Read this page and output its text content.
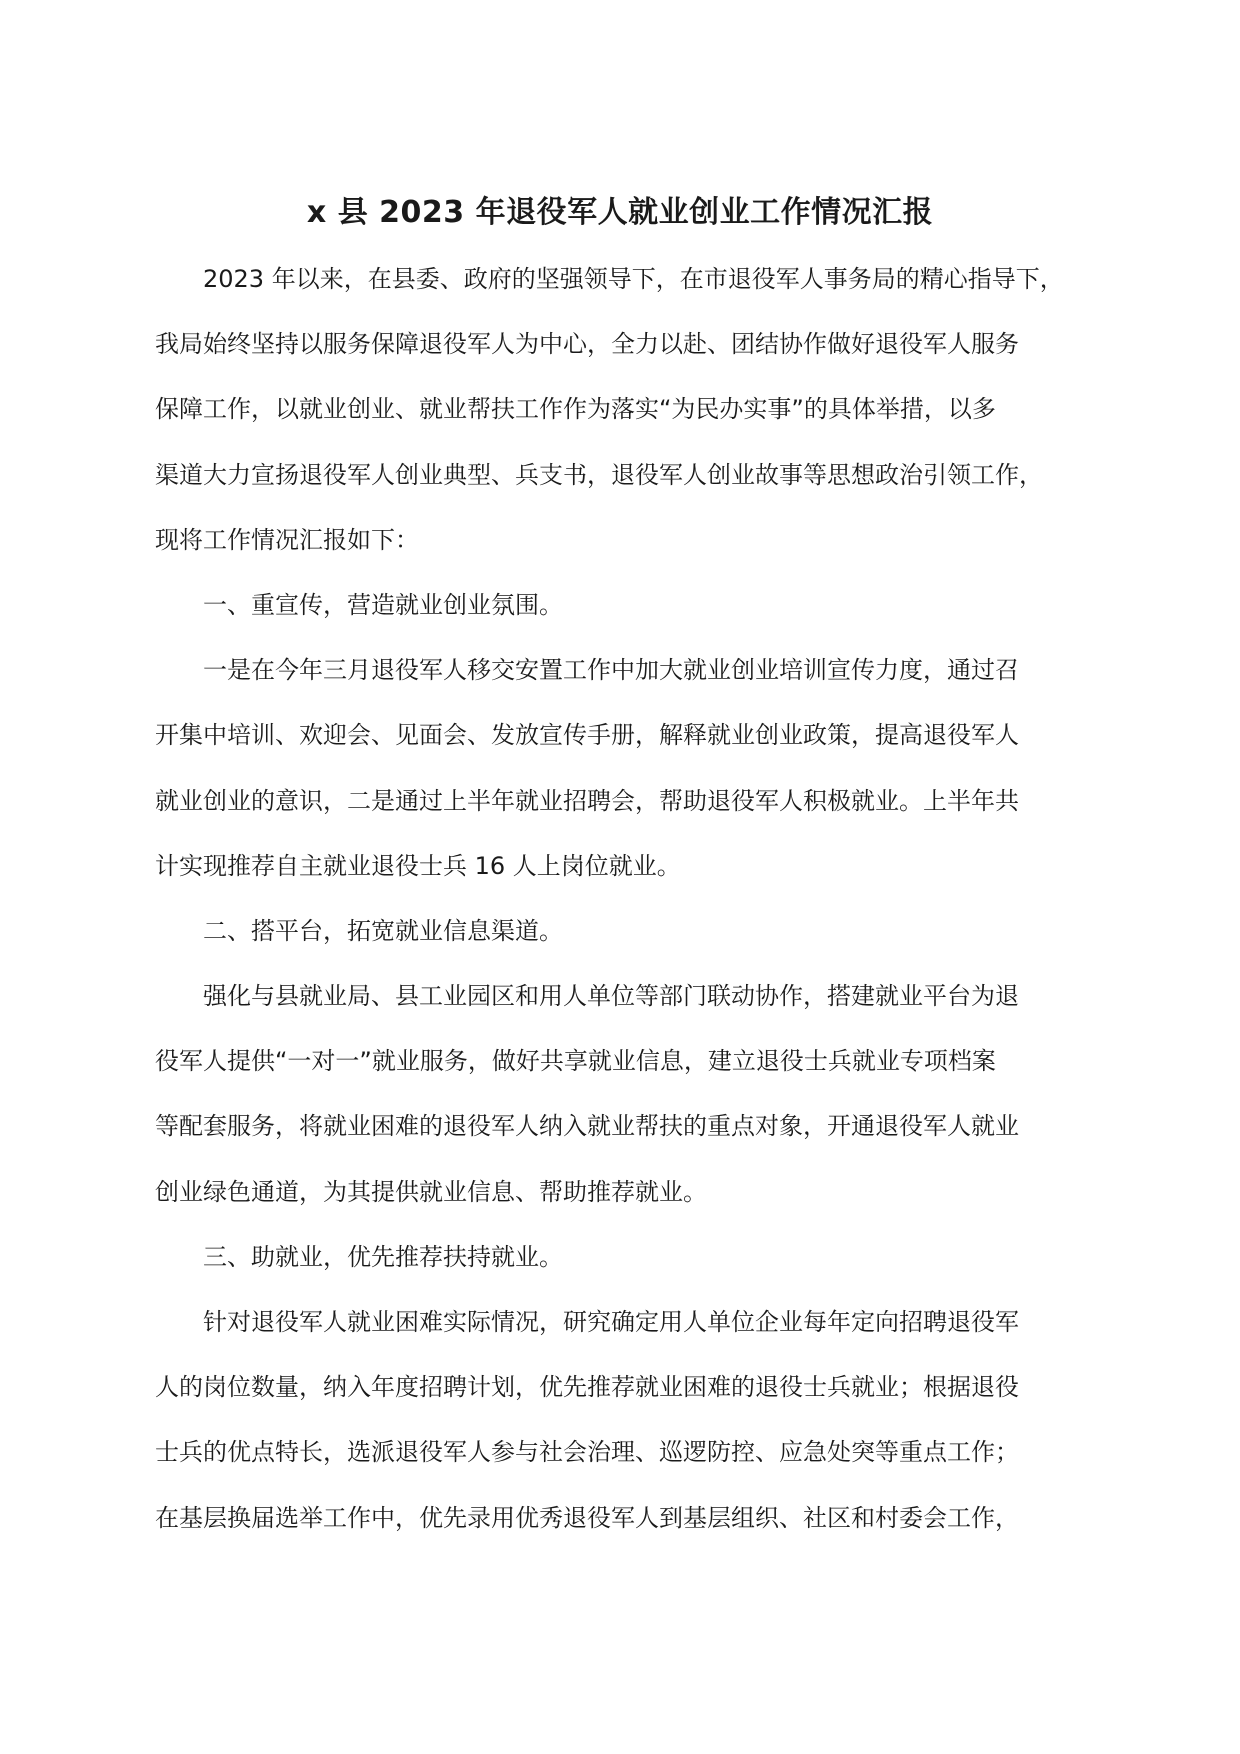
x 县 2023 年退役军人就业创业工作情况汇报
2023 年以来，在县委、政府的坚强领导下，在市退役军人事务局的精心指导下，
我局始终坚持以服务保障退役军人为中心，全力以赴、团结协作做好退役军人服务
保障工作，以就业创业、就业帮扶工作作为落实“为民办实事”的具体举措，以多
渠道大力宣扬退役军人创业典型、兵支书，退役军人创业故事等思想政治引领工作，
现将工作情况汇报如下：
一、重宣传，营造就业创业氛围。
一是在今年三月退役军人移交安置工作中加大就业创业培训宣传力度，通过召
开集中培训、欢迎会、见面会、发放宣传手册，解释就业创业政策，提高退役军人
就业创业的意识，二是通过上半年就业招聘会，帮助退役军人积极就业。上半年共
计实现推荐自主就业退役士兵 16 人上岗位就业。
二、搭平台，拓宽就业信息渠道。
强化与县就业局、县工业园区和用人单位等部门联动协作，搭建就业平台为退
役军人提供“一对一”就业服务，做好共享就业信息，建立退役士兵就业专项档案
等配套服务，将就业困难的退役军人纳入就业帮扶的重点对象，开通退役军人就业
创业绿色通道，为其提供就业信息、帮助推荐就业。
三、助就业，优先推荐扶持就业。
针对退役军人就业困难实际情况，研究确定用人单位企业每年定向招聘退役军
人的岗位数量，纳入年度招聘计划，优先推荐就业困难的退役士兵就业；根据退役
士兵的优点特长，选派退役军人参与社会治理、巡逻防控、应急处突等重点工作；
在基层换届选举工作中，优先录用优秀退役军人到基层组织、社区和村委会工作，
